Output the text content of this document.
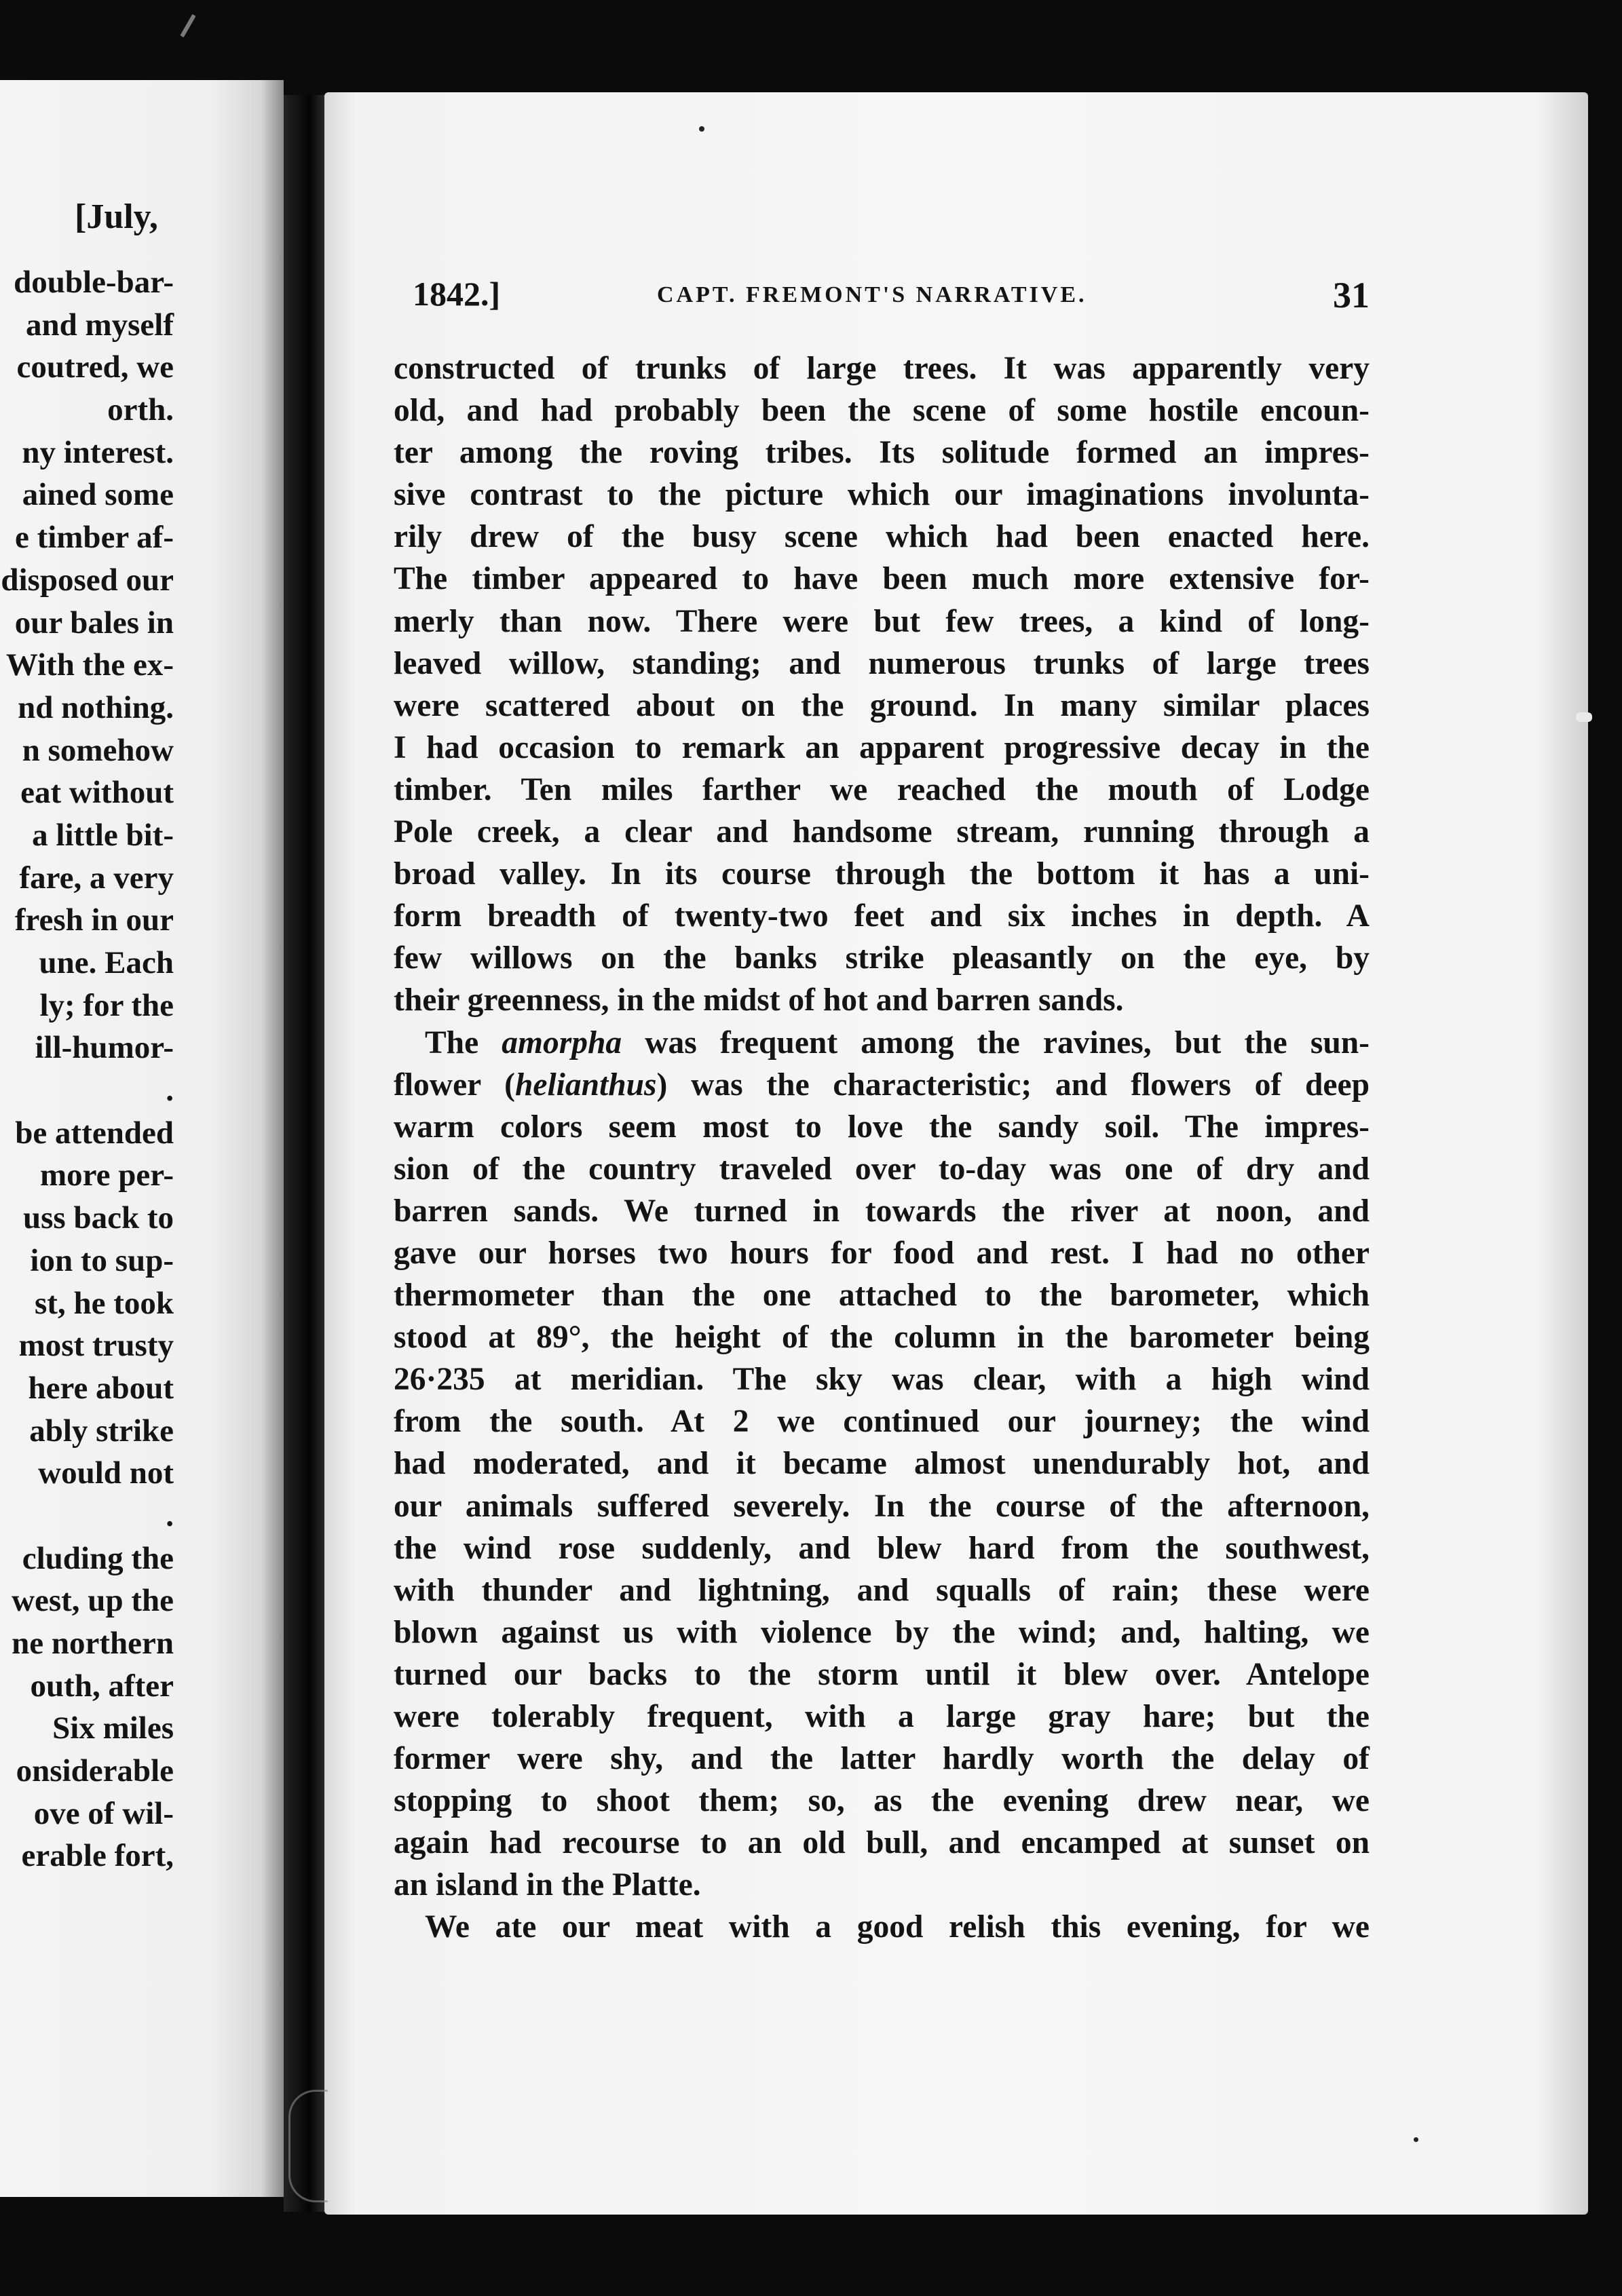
[July,
double-bar-
and myself
coutred, we
orth.
ny interest.
ained some
e timber af-
disposed our
our bales in
With the ex-
nd nothing.
n somehow
eat without
a little bit-
fare, a very
fresh in our
une. Each
ly; for the
ill-humor-
.
be attended
more per-
uss back to
ion to sup-
st, he took
most trusty
here about
ably strike
would not
.
cluding the
west, up the
ne northern
outh, after
Six miles
onsiderable
ove of wil-
erable fort,
1842.]	CAPT. FREMONT'S NARRATIVE.	31
constructed of trunks of large trees. It was apparently very
old, and had probably been the scene of some hostile encoun-
ter among the roving tribes. Its solitude formed an impres-
sive contrast to the picture which our imaginations involunta-
rily drew of the busy scene which had been enacted here.
The timber appeared to have been much more extensive for-
merly than now. There were but few trees, a kind of long-
leaved willow, standing; and numerous trunks of large trees
were scattered about on the ground. In many similar places
I had occasion to remark an apparent progressive decay in the
timber. Ten miles farther we reached the mouth of Lodge
Pole creek, a clear and handsome stream, running through a
broad valley. In its course through the bottom it has a uni-
form breadth of twenty-two feet and six inches in depth. A
few willows on the banks strike pleasantly on the eye, by
their greenness, in the midst of hot and barren sands.
The amorpha was frequent among the ravines, but the sun-
flower (helianthus) was the characteristic; and flowers of deep
warm colors seem most to love the sandy soil. The impres-
sion of the country traveled over to-day was one of dry and
barren sands. We turned in towards the river at noon, and
gave our horses two hours for food and rest. I had no other
thermometer than the one attached to the barometer, which
stood at 89°, the height of the column in the barometer being
26·235 at meridian. The sky was clear, with a high wind
from the south. At 2 we continued our journey; the wind
had moderated, and it became almost unendurably hot, and
our animals suffered severely. In the course of the afternoon,
the wind rose suddenly, and blew hard from the southwest,
with thunder and lightning, and squalls of rain; these were
blown against us with violence by the wind; and, halting, we
turned our backs to the storm until it blew over. Antelope
were tolerably frequent, with a large gray hare; but the
former were shy, and the latter hardly worth the delay of
stopping to shoot them; so, as the evening drew near, we
again had recourse to an old bull, and encamped at sunset on
an island in the Platte.
We ate our meat with a good relish this evening, for we
